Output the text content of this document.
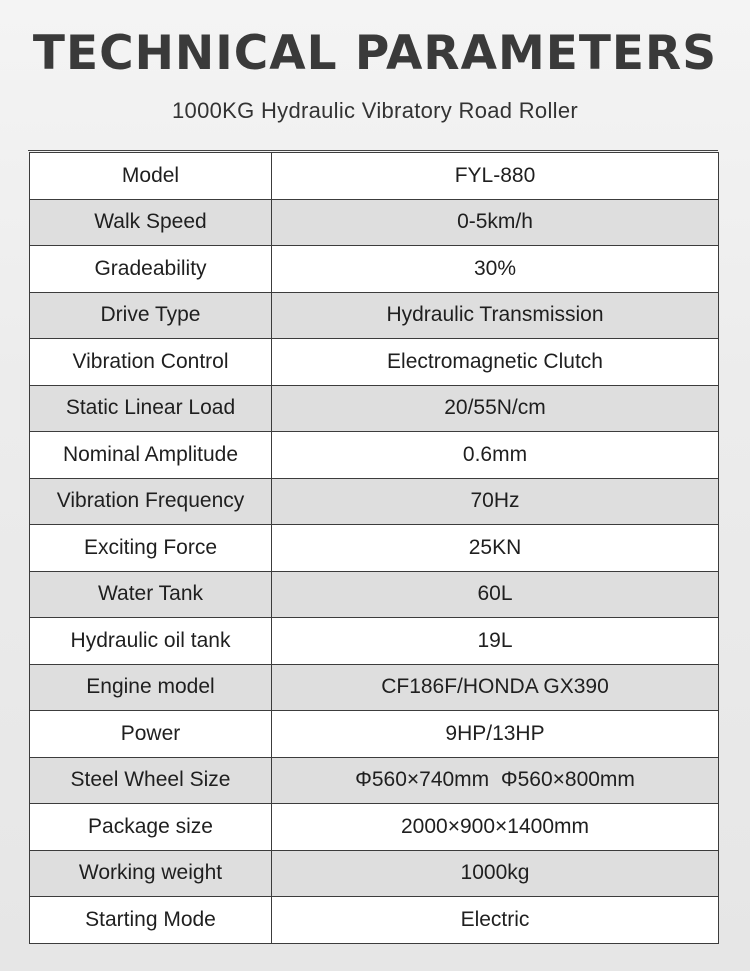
TECHNICAL PARAMETERS
1000KG Hydraulic Vibratory Road Roller
Model	FYL-880
Walk Speed	0-5km/h
Gradeability	30%
Drive Type	Hydraulic Transmission
Vibration Control	Electromagnetic Clutch
Static Linear Load	20/55N/cm
Nominal Amplitude	0.6mm
Vibration Frequency	70Hz
Exciting Force	25KN
Water Tank	60L
Hydraulic oil tank	19L
Engine model	CF186F/HONDA GX390
Power	9HP/13HP
Steel Wheel Size	Φ560×740mm  Φ560×800mm
Package size	2000×900×1400mm
Working weight	1000kg
Starting Mode	Electric
